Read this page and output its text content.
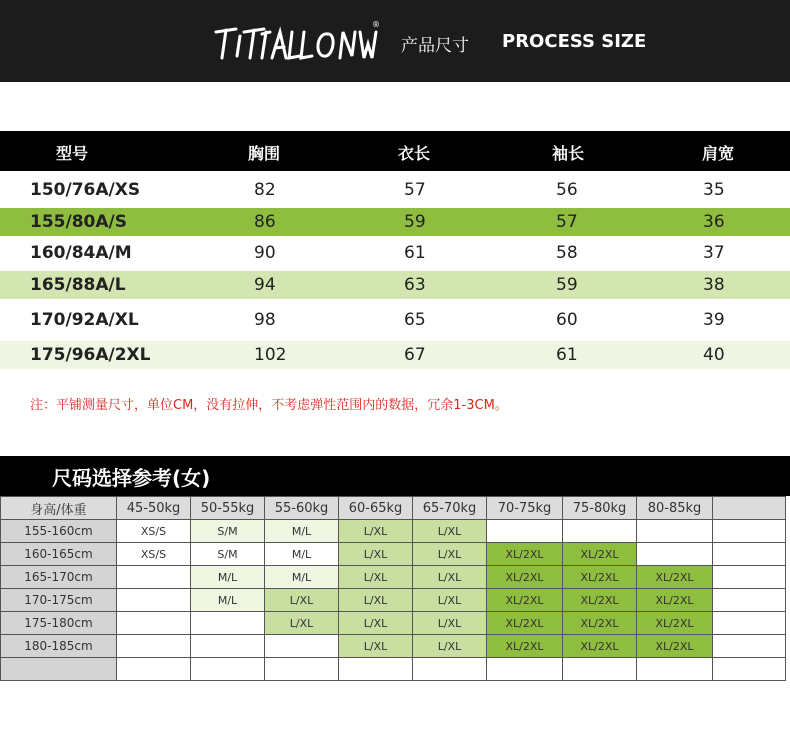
®
产品尺寸 PROCESS SIZE
型号	胸围	衣长	袖长	肩宽
150/76A/XS	82	57	56	35
155/80A/S	86	59	57	36
160/84A/M	90	61	58	37
165/88A/L	94	63	59	38
170/92A/XL	98	65	60	39
175/96A/2XL	102	67	61	40
注：平铺测量尺寸，单位CM，没有拉伸，不考虑弹性范围内的数据，冗余1-3CM。
尺码选择参考(女)
身高/体重	45-50kg	50-55kg	55-60kg	60-65kg	65-70kg	70-75kg	75-80kg	80-85kg	
155-160cm	XS/S	S/M	M/L	L/XL	L/XL				
160-165cm	XS/S	S/M	M/L	L/XL	L/XL	XL/2XL	XL/2XL		
165-170cm		M/L	M/L	L/XL	L/XL	XL/2XL	XL/2XL	XL/2XL	
170-175cm		M/L	L/XL	L/XL	L/XL	XL/2XL	XL/2XL	XL/2XL	
175-180cm			L/XL	L/XL	L/XL	XL/2XL	XL/2XL	XL/2XL	
180-185cm				L/XL	L/XL	XL/2XL	XL/2XL	XL/2XL	
